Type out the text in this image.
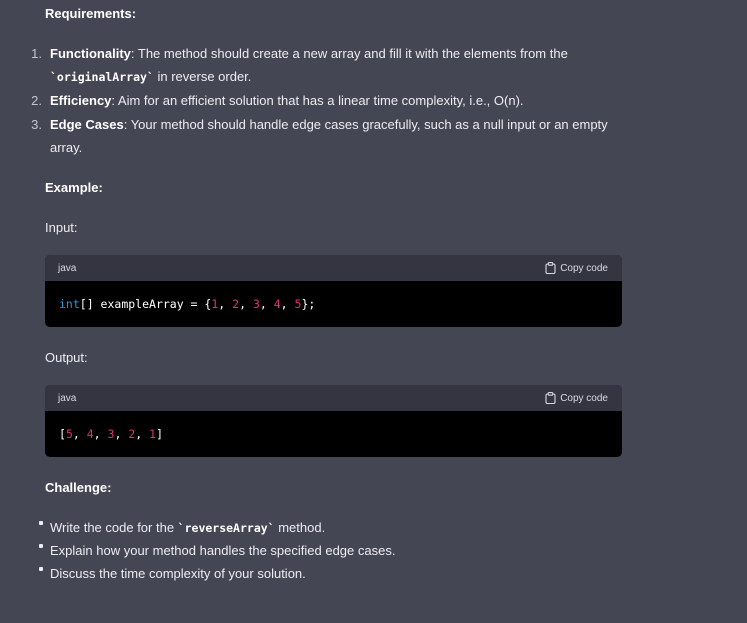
Requirements:
1. Functionality: The method should create a new array and fill it with the elements from the
`originalArray` in reverse order.
2. Efficiency: Aim for an efficient solution that has a linear time complexity, i.e., O(n).
3. Edge Cases: Your method should handle edge cases gracefully, such as a null input or an empty
array.
Example:
Input:
java	Copy code
int [] exampleArray = { 1 , 2 , 3 , 4 , 5 };
Output:
java	Copy code
[ 5 , 4 , 3 , 2 , 1 ]
Challenge:
Write the code for the `reverseArray` method.
Explain how your method handles the specified edge cases.
Discuss the time complexity of your solution.
